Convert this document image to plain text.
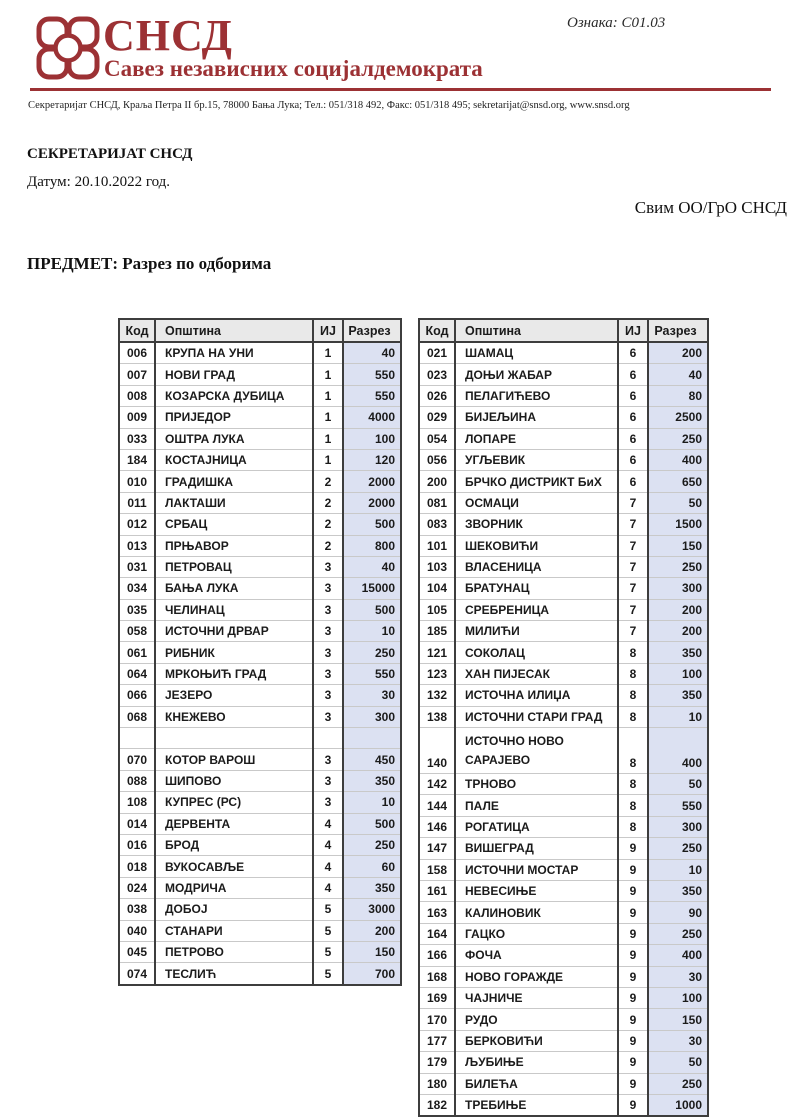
СНСД
Савез независних социјалдемократа
Ознака: C01.03
Секретаријат СНСД, Краља Петра II бр.15, 78000 Бања Лука; Тел.: 051/318 492, Факс: 051/318 495; sekretarijat@snsd.org, www.snsd.org
СЕКРЕТАРИЈАТ СНСД
Датум: 20.10.2022 год.
Свим ОО/ГрО СНСД
ПРЕДМЕТ: Разрез по одборима
Код	Општина	ИЈ	Разрез
006	КРУПА НА УНИ	1	40
007	НОВИ ГРАД	1	550
008	КОЗАРСКА ДУБИЦА	1	550
009	ПРИЈЕДОР	1	4000
033	ОШТРА ЛУКА	1	100
184	КОСТАЈНИЦА	1	120
010	ГРАДИШКА	2	2000
011	ЛАКТАШИ	2	2000
012	СРБАЦ	2	500
013	ПРЊАВОР	2	800
031	ПЕТРОВАЦ	3	40
034	БАЊА ЛУКА	3	15000
035	ЧЕЛИНАЦ	3	500
058	ИСТОЧНИ ДРВАР	3	10
061	РИБНИК	3	250
064	МРКОЊИЋ ГРАД	3	550
066	ЈЕЗЕРО	3	30
068	КНЕЖЕВО	3	300

070	КОТОР ВАРОШ	3	450
088	ШИПОВО	3	350
108	КУПРЕС (РС)	3	10
014	ДЕРВЕНТА	4	500
016	БРОД	4	250
018	ВУКОСАВЉЕ	4	60
024	МОДРИЧА	4	350
038	ДОБОЈ	5	3000
040	СТАНАРИ	5	200
045	ПЕТРОВО	5	150
074	ТЕСЛИЋ	5	700
Код	Општина	ИЈ	Разрез
021	ШАМАЦ	6	200
023	ДОЊИ ЖАБАР	6	40
026	ПЕЛАГИЋЕВО	6	80
029	БИЈЕЉИНА	6	2500
054	ЛОПАРЕ	6	250
056	УГЉЕВИК	6	400
200	БРЧКО ДИСТРИКТ БиХ	6	650
081	ОСМАЦИ	7	50
083	ЗВОРНИК	7	1500
101	ШЕКОВИЋИ	7	150
103	ВЛАСЕНИЦА	7	250
104	БРАТУНАЦ	7	300
105	СРЕБРЕНИЦА	7	200
185	МИЛИЋИ	7	200
121	СОКОЛАЦ	8	350
123	ХАН ПИЈЕСАК	8	100
132	ИСТОЧНА ИЛИЏА	8	350
138	ИСТОЧНИ СТАРИ ГРАД	8	10
140	ИСТОЧНО НОВО САРАЈЕВО	8	400
142	ТРНОВО	8	50
144	ПАЛЕ	8	550
146	РОГАТИЦА	8	300
147	ВИШЕГРАД	9	250
158	ИСТОЧНИ МОСТАР	9	10
161	НЕВЕСИЊЕ	9	350
163	КАЛИНОВИК	9	90
164	ГАЦКО	9	250
166	ФОЧА	9	400
168	НОВО ГОРАЖДЕ	9	30
169	ЧАЈНИЧЕ	9	100
170	РУДО	9	150
177	БЕРКОВИЋИ	9	30
179	ЉУБИЊЕ	9	50
180	БИЛЕЋА	9	250
182	ТРЕБИЊЕ	9	1000
